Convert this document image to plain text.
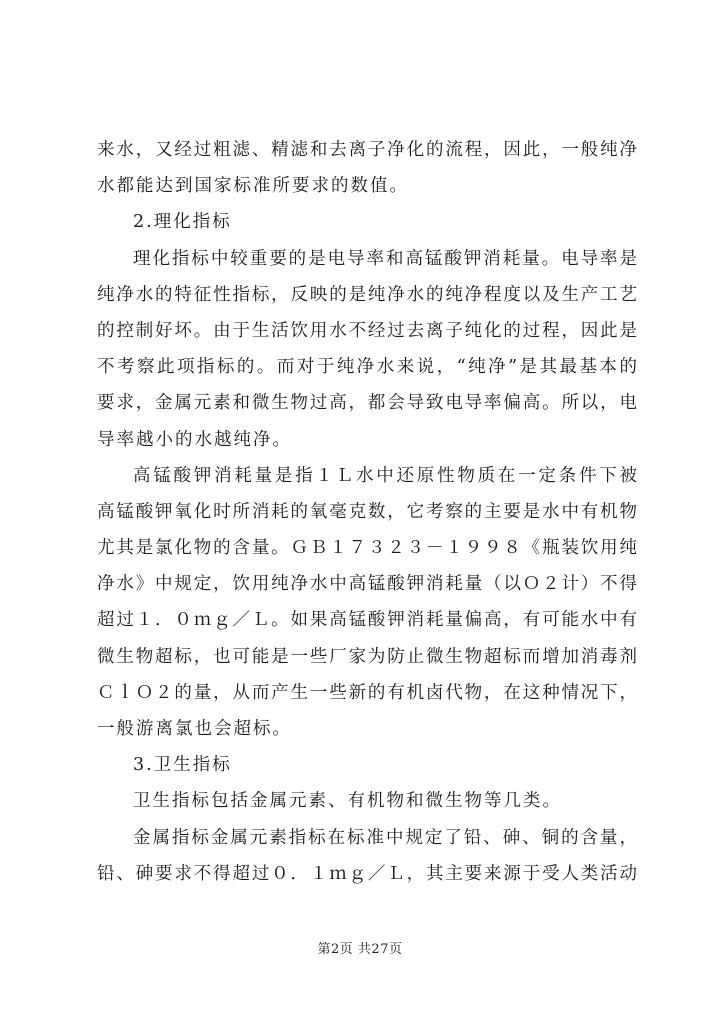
来水，又经过粗滤、精滤和去离子净化的流程，因此，一般纯净
水都能达到国家标准所要求的数值。
2.理化指标
理化指标中较重要的是电导率和高锰酸钾消耗量。电导率是
纯净水的特征性指标，反映的是纯净水的纯净程度以及生产工艺
的控制好坏。由于生活饮用水不经过去离子纯化的过程，因此是
不考察此项指标的。而对于纯净水来说，“纯净”是其最基本的
要求，金属元素和微生物过高，都会导致电导率偏高。所以，电
导率越小的水越纯净。
高锰酸钾消耗量是指１Ｌ水中还原性物质在一定条件下被
高锰酸钾氧化时所消耗的氧毫克数，它考察的主要是水中有机物
尤其是氯化物的含量。ＧＢ１７３２３－１９９８《瓶装饮用纯
净水》中规定，饮用纯净水中高锰酸钾消耗量（以Ｏ２计）不得
超过１．０ｍｇ／Ｌ。如果高锰酸钾消耗量偏高，有可能水中有
微生物超标，也可能是一些厂家为防止微生物超标而增加消毒剂
ＣｌＯ２的量，从而产生一些新的有机卤代物，在这种情况下，
一般游离氯也会超标。
3.卫生指标
卫生指标包括金属元素、有机物和微生物等几类。
金属指标金属元素指标在标准中规定了铅、砷、铜的含量，
铅、砷要求不得超过０．１ｍｇ／Ｌ，其主要来源于受人类活动
第2页 共27页
